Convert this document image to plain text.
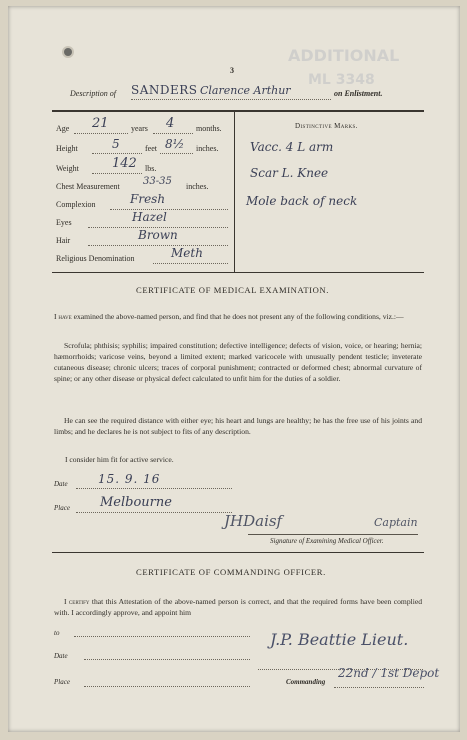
ADDITIONAL
ML 3348
3
Description of SANDERS Clarence Arthur	on Enlistment.
Age 21	years 4	months.
Height	5	feet 8½ inches.
Weight	142 lbs.
Chest Measurement 33-35 inches.
Complexion	Fresh
Eyes	Hazel
Hair	Brown
Religious Denomination	Meth
Distinctive Marks.
Vacc. 4 L arm
Scar L. Knee
Mole back of neck
CERTIFICATE OF MEDICAL EXAMINATION.
I have examined the above-named person, and find that he does not present any of the following conditions, viz.:—
Scrofula; phthisis; syphilis; impaired constitution; defective intelligence; defects of vision, voice, or hearing; hernia; hæmorrhoids; varicose veins, beyond a limited extent; marked varicocele with unusually pendent testicle; inveterate cutaneous disease; chronic ulcers; traces of corporal punishment; contracted or deformed chest; abnormal curvature of spine; or any other disease or physical defect calculated to unfit him for the duties of a soldier.
He can see the required distance with either eye; his heart and lungs are healthy; he has the free use of his joints and limbs; and he declares he is not subject to fits of any description.
I consider him fit for active service.
Date	15. 9. 16
Place Melbourne
JHDaisf	Captain
Signature of Examining Medical Officer.
CERTIFICATE OF COMMANDING OFFICER.
I certify that this Attestation of the above-named person is correct, and that the required forms have been complied with. I accordingly approve, and appoint him
to
Date
J.P. Beattie Lieut.
Place	Commanding
22nd / 1st Depot
